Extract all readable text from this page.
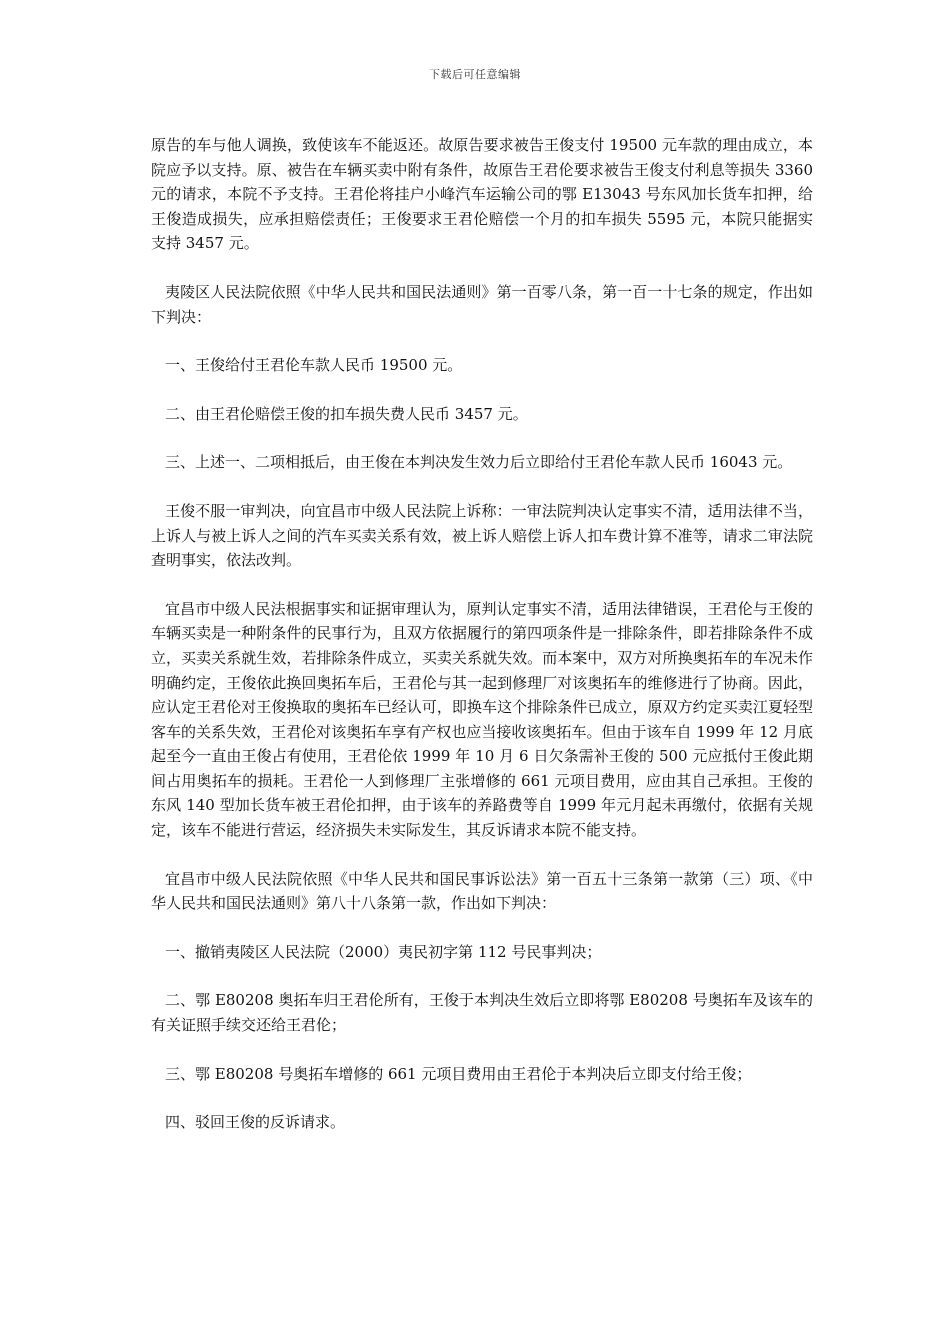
下载后可任意编辑

原告的车与他人调换，致使该车不能返还。故原告要求被告王俊支付 19500 元车款的理由成立，本院应予以支持。原、被告在车辆买卖中附有条件，故原告王君伦要求被告王俊支付利息等损失 3360 元的请求，本院不予支持。王君伦将挂户小峰汽车运输公司的鄂 E13043 号东风加长货车扣押，给王俊造成损失，应承担赔偿责任；王俊要求王君伦赔偿一个月的扣车损失 5595 元，本院只能据实支持 3457 元。

夷陵区人民法院依照《中华人民共和国民法通则》第一百零八条，第一百一十七条的规定，作出如下判决：

一、王俊给付王君伦车款人民币 19500 元。

二、由王君伦赔偿王俊的扣车损失费人民币 3457 元。

三、上述一、二项相抵后，由王俊在本判决发生效力后立即给付王君伦车款人民币 16043 元。

王俊不服一审判决，向宜昌市中级人民法院上诉称：一审法院判决认定事实不清，适用法律不当，上诉人与被上诉人之间的汽车买卖关系有效，被上诉人赔偿上诉人扣车费计算不准等，请求二审法院查明事实，依法改判。

宜昌市中级人民法根据事实和证据审理认为，原判认定事实不清，适用法律错误，王君伦与王俊的车辆买卖是一种附条件的民事行为，且双方依据履行的第四项条件是一排除条件，即若排除条件不成立，买卖关系就生效，若排除条件成立，买卖关系就失效。而本案中，双方对所换奥拓车的车况未作明确约定，王俊依此换回奥拓车后，王君伦与其一起到修理厂对该奥拓车的维修进行了协商。因此，应认定王君伦对王俊换取的奥拓车已经认可，即换车这个排除条件已成立，原双方约定买卖江夏轻型客车的关系失效，王君伦对该奥拓车享有产权也应当接收该奥拓车。但由于该车自 1999 年 12 月底起至今一直由王俊占有使用，王君伦依 1999 年 10 月 6 日欠条需补王俊的 500 元应抵付王俊此期间占用奥拓车的损耗。王君伦一人到修理厂主张增修的 661 元项目费用，应由其自己承担。王俊的东风 140 型加长货车被王君伦扣押，由于该车的养路费等自 1999 年元月起未再缴付，依据有关规定，该车不能进行营运，经济损失未实际发生，其反诉请求本院不能支持。

宜昌市中级人民法院依照《中华人民共和国民事诉讼法》第一百五十三条第一款第（三）项、《中华人民共和国民法通则》第八十八条第一款，作出如下判决：

一、撤销夷陵区人民法院（2000）夷民初字第 112 号民事判决；

二、鄂 E80208 奥拓车归王君伦所有，王俊于本判决生效后立即将鄂 E80208 号奥拓车及该车的有关证照手续交还给王君伦；

三、鄂 E80208 号奥拓车增修的 661 元项目费用由王君伦于本判决后立即支付给王俊；

四、驳回王俊的反诉请求。
